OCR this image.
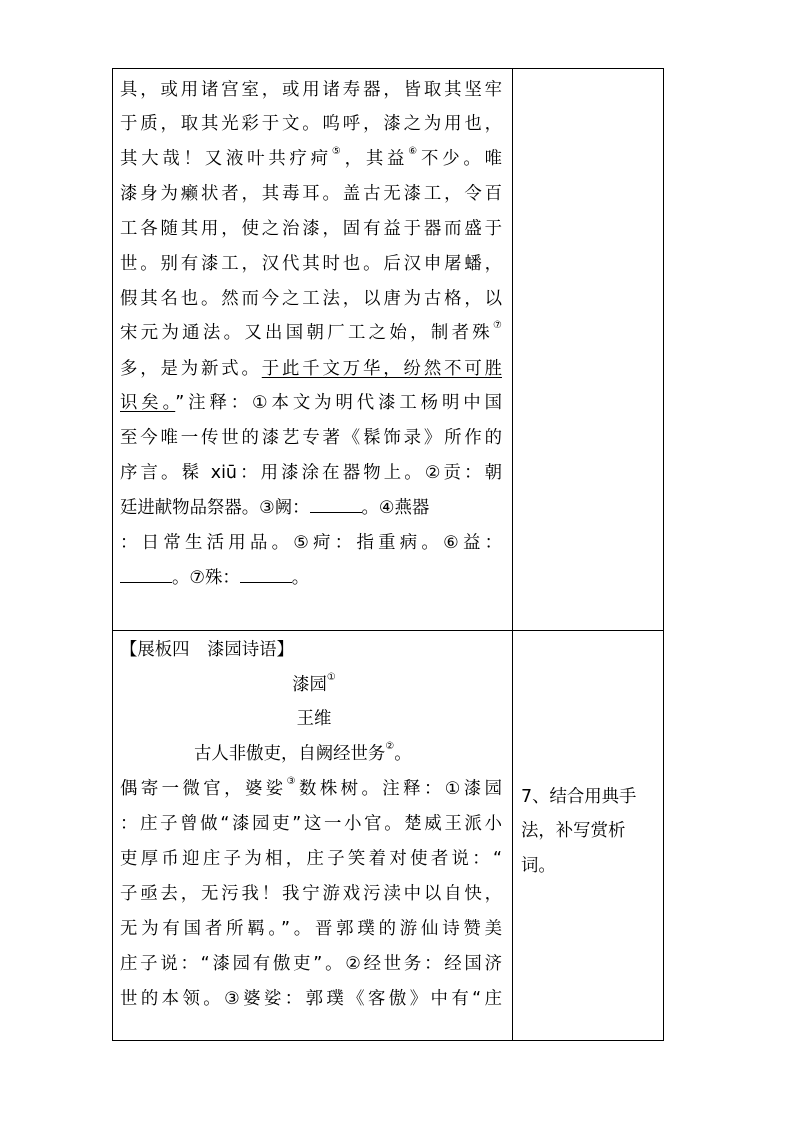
具，或用诸宫室，或用诸寿器，皆取其坚牢
于质，取其光彩于文。呜呼，漆之为用也，
其大哉！又液叶共疗疴⑤，其益⑥不少。唯
漆身为癞状者，其毒耳。盖古无漆工，令百
工各随其用，使之治漆，固有益于器而盛于
世。别有漆工，汉代其时也。后汉申屠蟠，
假其名也。然而今之工法，以唐为古格，以
宋元为通法。又出国朝厂工之始，制者殊⑦
多，是为新式。于此千文万华，纷然不可胜
识矣。”注释：①本文为明代漆工杨明中国
至今唯一传世的漆艺专著《髹饰录》所作的
序言。髹 xiū：用漆涂在器物上。②贡：朝
廷进献物品祭器。③阙：	。④燕器
：日常生活用品。⑤疴：指重病。⑥益：
。⑦殊：	。
【展板四　漆园诗语】
漆园①
王维
古人非傲吏，自阙经世务②。
偶寄一微官，婆娑③数株树。注释：①漆园
：庄子曾做“漆园吏”这一小官。楚威王派小
吏厚币迎庄子为相，庄子笑着对使者说：“
子亟去，无污我！我宁游戏污渎中以自快，
无为有国者所羁。”。晋郭璞的游仙诗赞美
庄子说：“漆园有傲吏”。②经世务：经国济
世的本领。③婆娑：郭璞《客傲》中有“庄
7、结合用典手
法，补写赏析
词。
